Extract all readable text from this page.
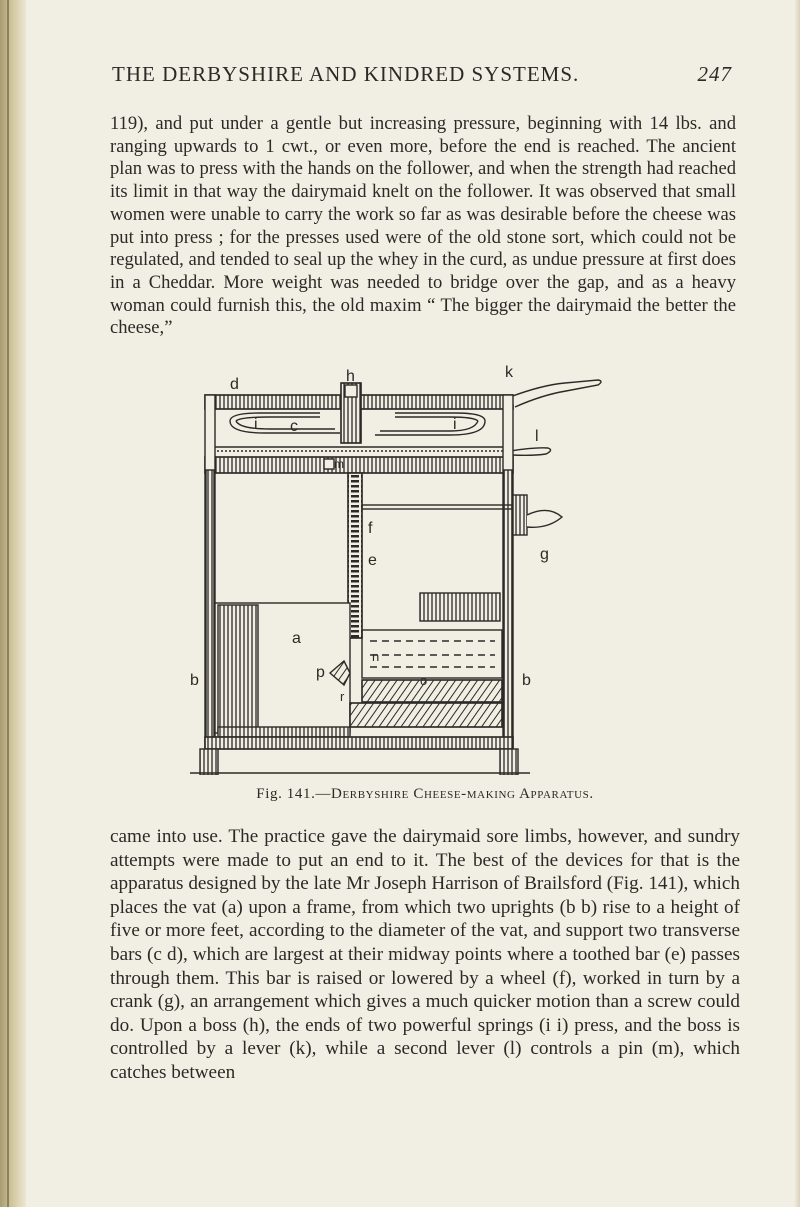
THE DERBYSHIRE AND KINDRED SYSTEMS.	247

119), and put under a gentle but increasing pressure, beginning with 14 lbs. and ranging upwards to 1 cwt., or even more, before the end is reached. The ancient plan was to press with the hands on the follower, and when the strength had reached its limit in that way the dairymaid knelt on the follower. It was observed that small women were unable to carry the work so far as was desirable before the cheese was put into press ; for the presses used were of the old stone sort, which could not be regulated, and tended to seal up the whey in the curd, as undue pressure at first does in a Cheddar. More weight was needed to bridge over the gap, and as a heavy woman could furnish this, the old maxim “ The bigger the dairymaid the better the cheese,”

d	h	k
c
i	i
l
m
f
e	g
a
b	b
p
n
o
r
Fig. 141.—Derbyshire Cheese-making Apparatus.

came into use. The practice gave the dairymaid sore limbs, however, and sundry attempts were made to put an end to it. The best of the devices for that is the apparatus designed by the late Mr Joseph Harrison of Brailsford (Fig. 141), which places the vat (a) upon a frame, from which two uprights (b b) rise to a height of five or more feet, according to the diameter of the vat, and support two transverse bars (c d), which are largest at their midway points where a toothed bar (e) passes through them. This bar is raised or lowered by a wheel (f), worked in turn by a crank (g), an arrangement which gives a much quicker motion than a screw could do. Upon a boss (h), the ends of two powerful springs (i i) press, and the boss is controlled by a lever (k), while a second lever (l) controls a pin (m), which catches between
